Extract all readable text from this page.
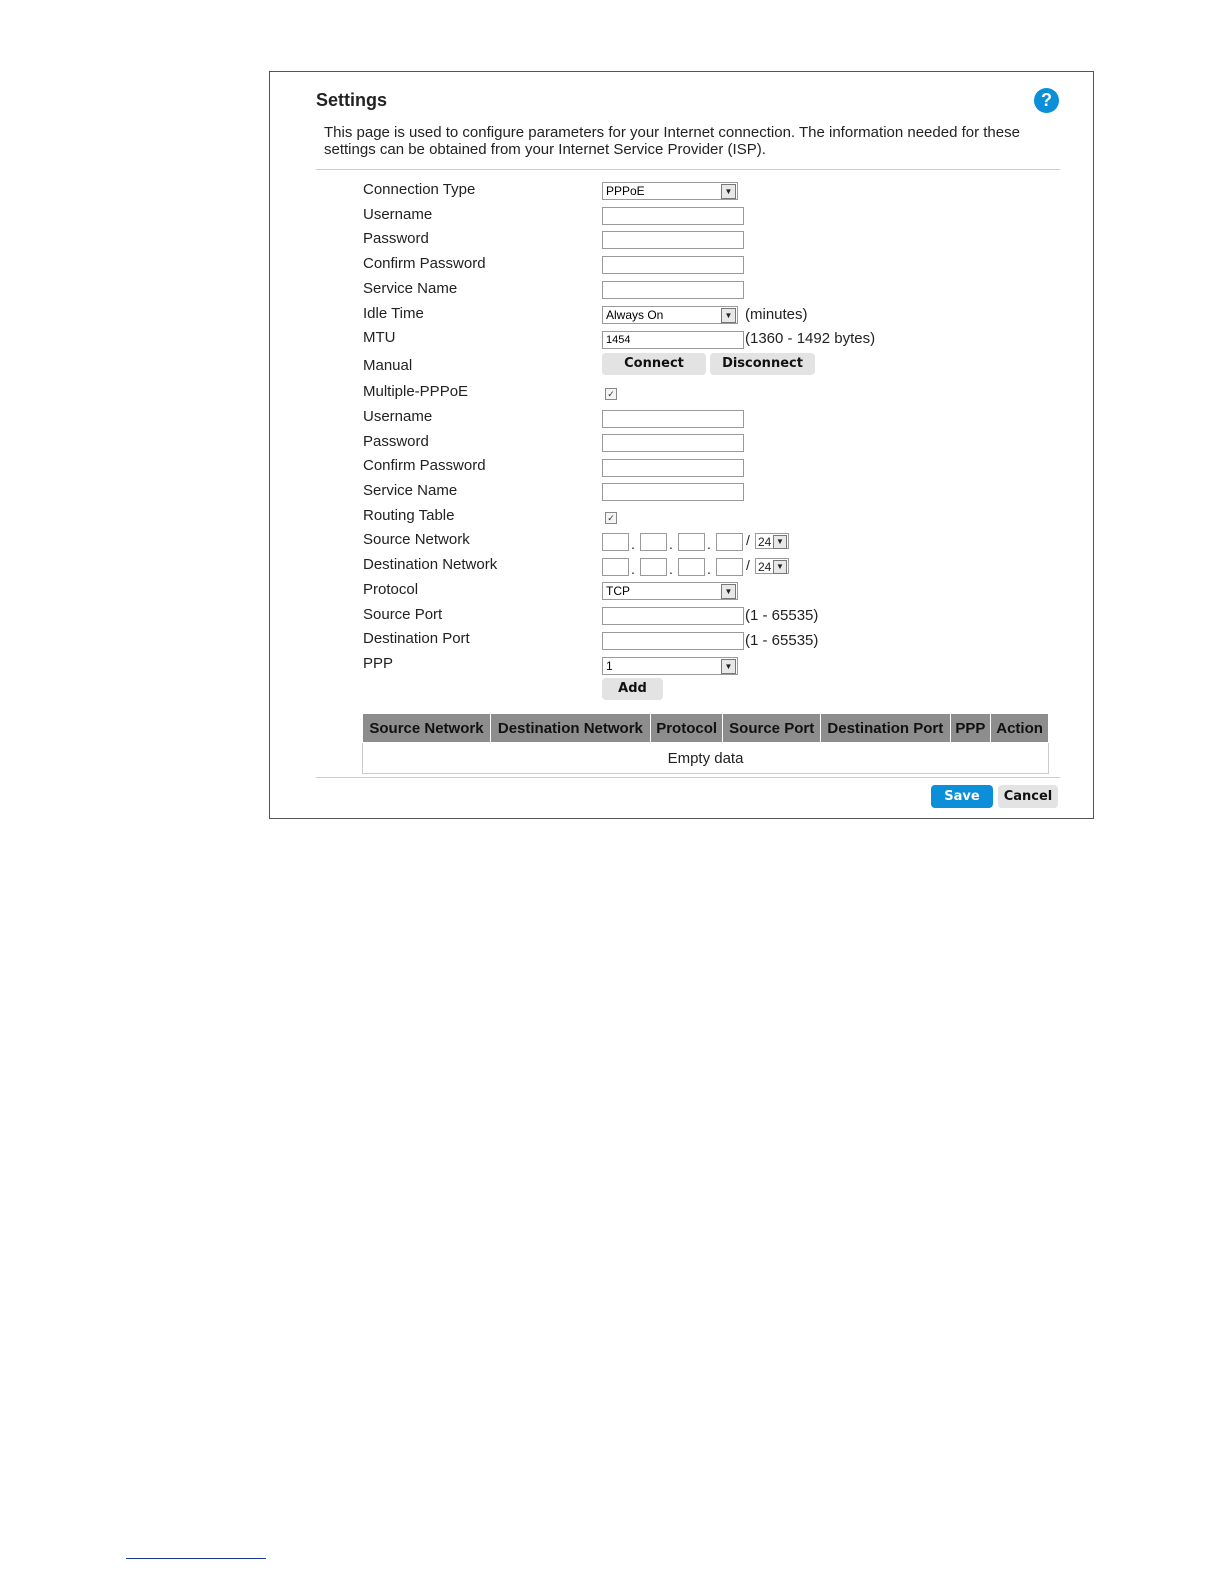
Settings	?
This page is used to configure parameters for your Internet connection. The information needed for these settings can be obtained from your Internet Service Provider (ISP).
Connection Type	PPPoE	▼
Username
Password
Confirm Password
Service Name
Idle Time	Always On	▼ (minutes)
MTU	1454	(1360 - 1492 bytes)
Manual	Connect	Disconnect
Multiple-PPPoE	✓
Username
Password
Confirm Password
Service Name
Routing Table	✓
Source Network	. . .	/ 24 ▼
Destination Network	. . .	/ 24 ▼
Protocol	TCP	▼
Source Port	(1 - 65535)
Destination Port	(1 - 65535)
PPP	1	▼
Add
Source Network	Destination Network	Protocol	Source Port	Destination Port	PPP	Action
Empty data
Save	Cancel
